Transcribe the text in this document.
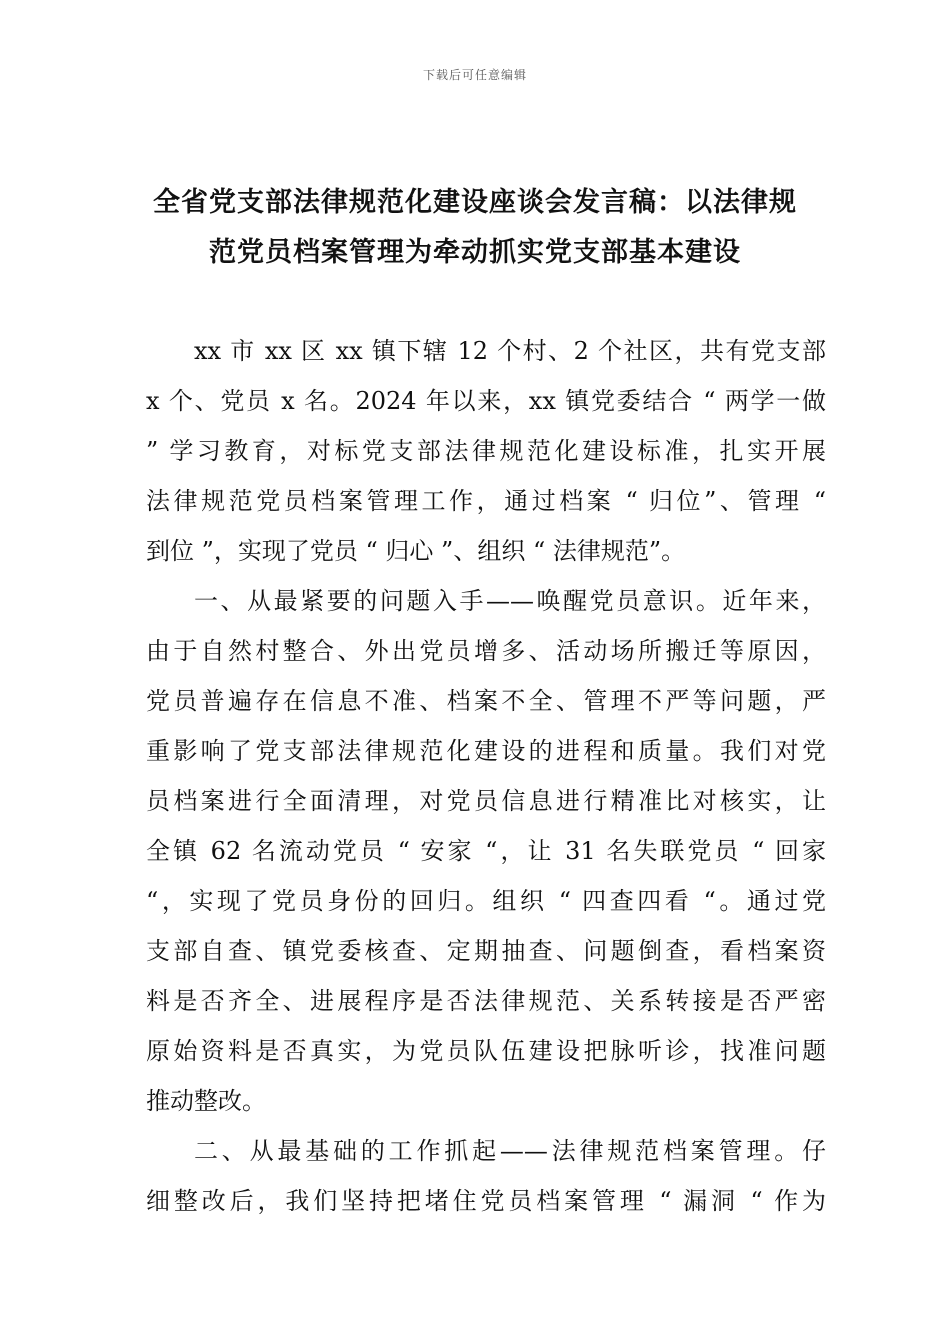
下载后可任意编辑
全省党支部法律规范化建设座谈会发言稿：以法律规
范党员档案管理为牵动抓实党支部基本建设
xx 市 xx 区 xx 镇下辖 12 个村、2 个社区，共有党支部
x 个、党员 x 名。2024 年以来，xx 镇党委结合 “ 两学一做
” 学习教育，对标党支部法律规范化建设标准，扎实开展
法律规范党员档案管理工作，通过档案 “ 归位”、管理 “
到位 ”，实现了党员 “ 归心 ”、组织 “ 法律规范”。
一、从最紧要的问题入手——唤醒党员意识。近年来，
由于自然村整合、外出党员增多、活动场所搬迁等原因，
党员普遍存在信息不准、档案不全、管理不严等问题，严
重影响了党支部法律规范化建设的进程和质量。我们对党
员档案进行全面清理，对党员信息进行精准比对核实，让
全镇 62 名流动党员 “ 安家 “，让 31 名失联党员 “ 回家
“，实现了党员身份的回归。组织 “ 四查四看 “。通过党
支部自查、镇党委核查、定期抽查、问题倒查，看档案资
料是否齐全、进展程序是否法律规范、关系转接是否严密
原始资料是否真实，为党员队伍建设把脉听诊，找准问题
推动整改。
二、从最基础的工作抓起——法律规范档案管理。仔
细整改后，我们坚持把堵住党员档案管理 “ 漏洞 “ 作为
